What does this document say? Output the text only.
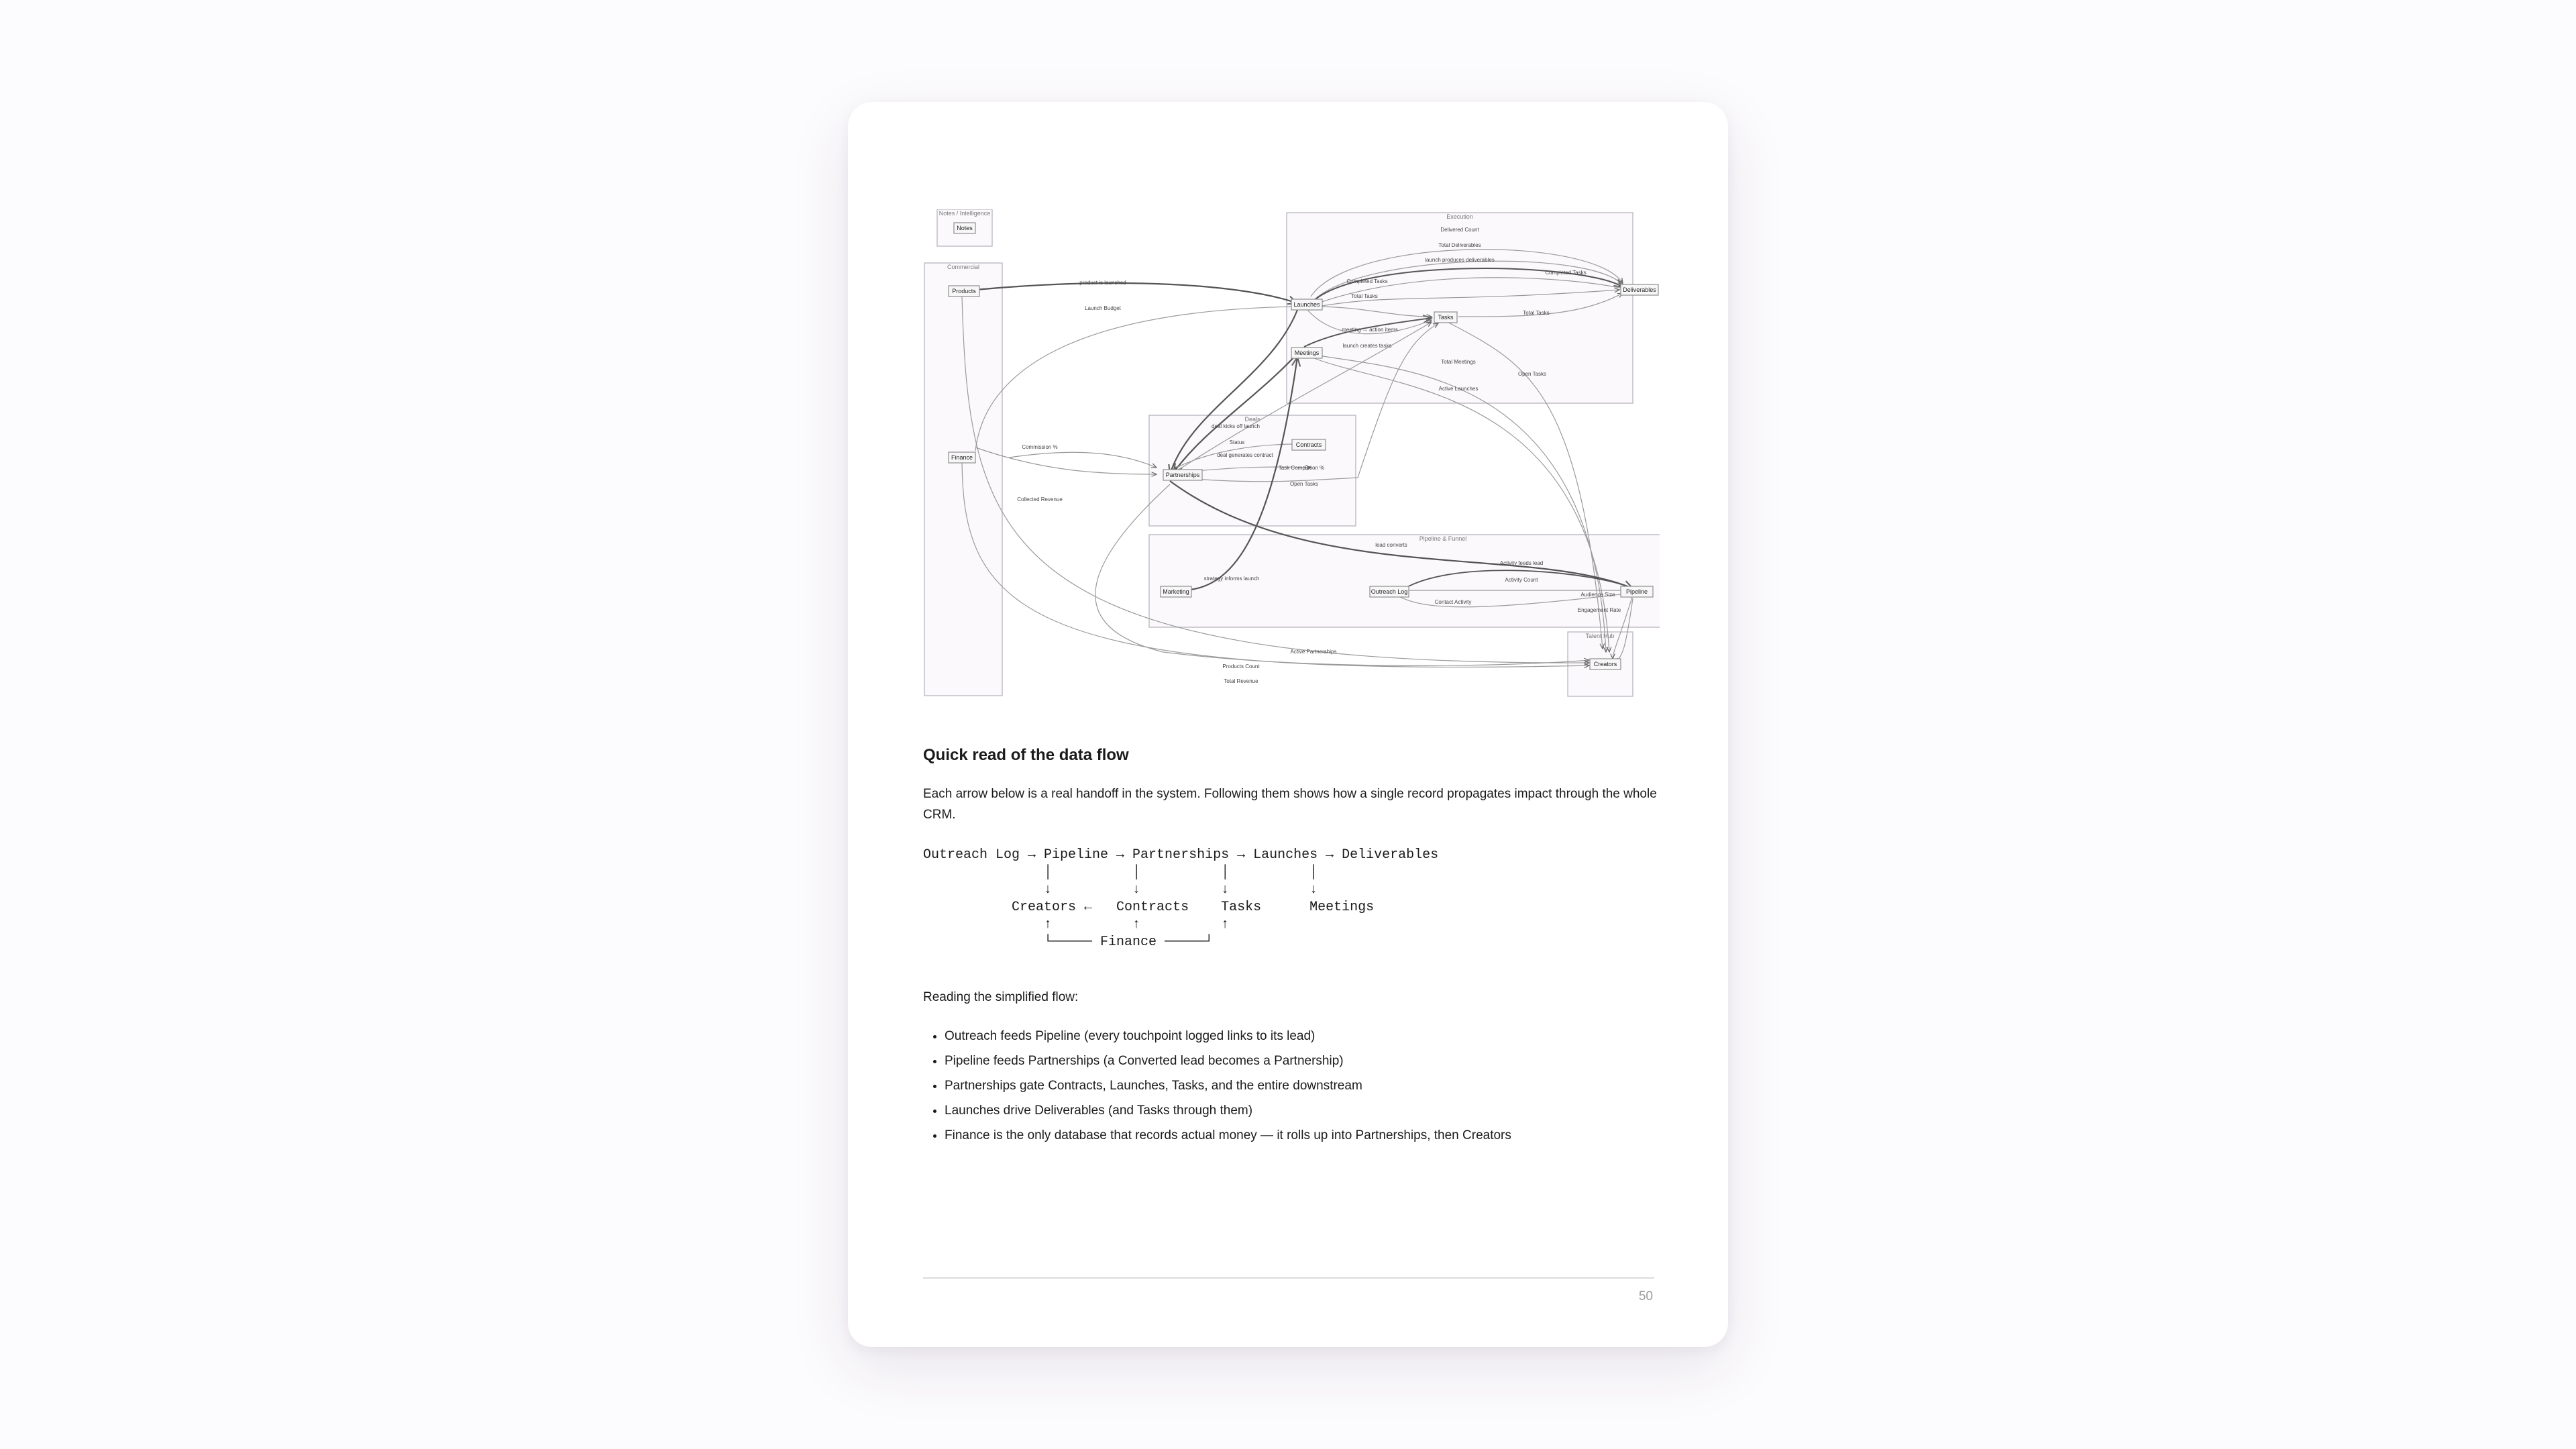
Notes / Intelligence
Commercial
Execution
Deals
Pipeline & Funnel
Talent Hub
Notes
Products
Finance
Launches
Meetings
Tasks
Deliverables
Partnerships
Contracts
Marketing	Outreach Log	Pipeline
Creators
Delivered Count
Total Deliverables
launch produces deliverables
product is launched
Launch Budget
Completed Tasks
Completed Tasks
Total Tasks
Total Tasks
meeting → action items
launch creates tasks
Total Meetings
Open Tasks
Active Launches
deal kicks off launch
Status
deal generates contract
Commission %
Task Completion %
Open Tasks
Collected Revenue
lead converts
Activity feeds lead
Activity Count
strategy informs launch
Contact Activity
Audience Size
Engagement Rate
Active Partnerships
Products Count
Total Revenue
Quick read of the data flow

Each arrow below is a real handoff in the system. Following them shows how a single record propagates impact through the whole CRM.

Outreach Log → Pipeline → Partnerships → Launches → Deliverables
│          │          │          │
↓          ↓          ↓          ↓
Creators ←   Contracts    Tasks      Meetings
↑          ↑          ↑
└───── Finance ─────┘

Reading the simplified flow:

• Outreach feeds Pipeline (every touchpoint logged links to its lead)
• Pipeline feeds Partnerships (a Converted lead becomes a Partnership)
• Partnerships gate Contracts, Launches, Tasks, and the entire downstream
• Launches drive Deliverables (and Tasks through them)
• Finance is the only database that records actual money — it rolls up into Partnerships, then Creators
50
